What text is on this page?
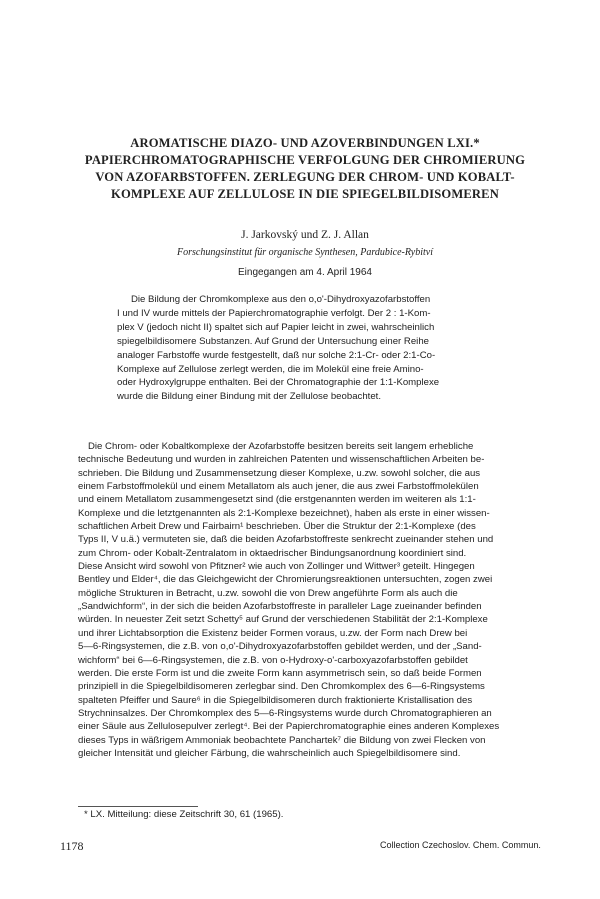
AROMATISCHE DIAZO- UND AZOVERBINDUNGEN LXI.*
PAPIERCHROMATOGRAPHISCHE VERFOLGUNG DER CHROMIERUNG
VON AZOFARBSTOFFEN. ZERLEGUNG DER CHROM- UND KOBALT-
KOMPLEXE AUF ZELLULOSE IN DIE SPIEGELBILDISOMEREN
J. Jarkovský und Z. J. Allan
Forschungsinstitut für organische Synthesen, Pardubice-Rybitví
Eingegangen am 4. April 1964
Die Bildung der Chromkomplexe aus den o,o'-Dihydroxyazofarbstoffen
I und IV wurde mittels der Papierchromatographie verfolgt. Der 2 : 1-Kom-
plex V (jedoch nicht II) spaltet sich auf Papier leicht in zwei, wahrscheinlich
spiegelbildisomere Substanzen. Auf Grund der Untersuchung einer Reihe
analoger Farbstoffe wurde festgestellt, daß nur solche 2:1-Cr- oder 2:1-Co-
Komplexe auf Zellulose zerlegt werden, die im Molekül eine freie Amino-
oder Hydroxylgruppe enthalten. Bei der Chromatographie der 1:1-Komplexe
wurde die Bildung einer Bindung mit der Zellulose beobachtet.
Die Chrom- oder Kobaltkomplexe der Azofarbstoffe besitzen bereits seit langem erhebliche
technische Bedeutung und wurden in zahlreichen Patenten und wissenschaftlichen Arbeiten be-
schrieben. Die Bildung und Zusammensetzung dieser Komplexe, u.zw. sowohl solcher, die aus
einem Farbstoffmolekül und einem Metallatom als auch jener, die aus zwei Farbstoffmolekülen
und einem Metallatom zusammengesetzt sind (die erstgenannten werden im weiteren als 1:1-
Komplexe und die letztgenannten als 2:1-Komplexe bezeichnet), haben als erste in einer wissen-
schaftlichen Arbeit Drew und Fairbairn¹ beschrieben. Über die Struktur der 2:1-Komplexe (des
Typs II, V u.ä.) vermuteten sie, daß die beiden Azofarbstoffreste senkrecht zueinander stehen und
zum Chrom- oder Kobalt-Zentralatom in oktaedrischer Bindungsanordnung koordiniert sind.
Diese Ansicht wird sowohl von Pfitzner² wie auch von Zollinger und Wittwer³ geteilt. Hingegen
Bentley und Elder⁴, die das Gleichgewicht der Chromierungsreaktionen untersuchten, zogen zwei
mögliche Strukturen in Betracht, u.zw. sowohl die von Drew angeführte Form als auch die
„Sandwichform“, in der sich die beiden Azofarbstoffreste in paralleler Lage zueinander befinden
würden. In neuester Zeit setzt Schetty⁵ auf Grund der verschiedenen Stabilität der 2:1-Komplexe
und ihrer Lichtabsorption die Existenz beider Formen voraus, u.zw. der Form nach Drew bei
5—6-Ringsystemen, die z.B. von o,o'-Dihydroxyazofarbstoffen gebildet werden, und der „Sand-
wichform“ bei 6—6-Ringsystemen, die z.B. von o-Hydroxy-o'-carboxyazofarbstoffen gebildet
werden. Die erste Form ist und die zweite Form kann asymmetrisch sein, so daß beide Formen
prinzipiell in die Spiegelbildisomeren zerlegbar sind. Den Chromkomplex des 6—6-Ringsystems
spalteten Pfeiffer und Saure⁶ in die Spiegelbildisomeren durch fraktionierte Kristallisation des
Strychninsalzes. Der Chromkomplex des 5—6-Ringsystems wurde durch Chromatographieren an
einer Säule aus Zellulosepulver zerlegt⁴. Bei der Papierchromatographie eines anderen Komplexes
dieses Typs in wäßrigem Ammoniak beobachtete Panchartek⁷ die Bildung von zwei Flecken von
gleicher Intensität und gleicher Färbung, die wahrscheinlich auch Spiegelbildisomere sind.
* LX. Mitteilung: diese Zeitschrift 30, 61 (1965).
1178	Collection Czechoslov. Chem. Commun.
